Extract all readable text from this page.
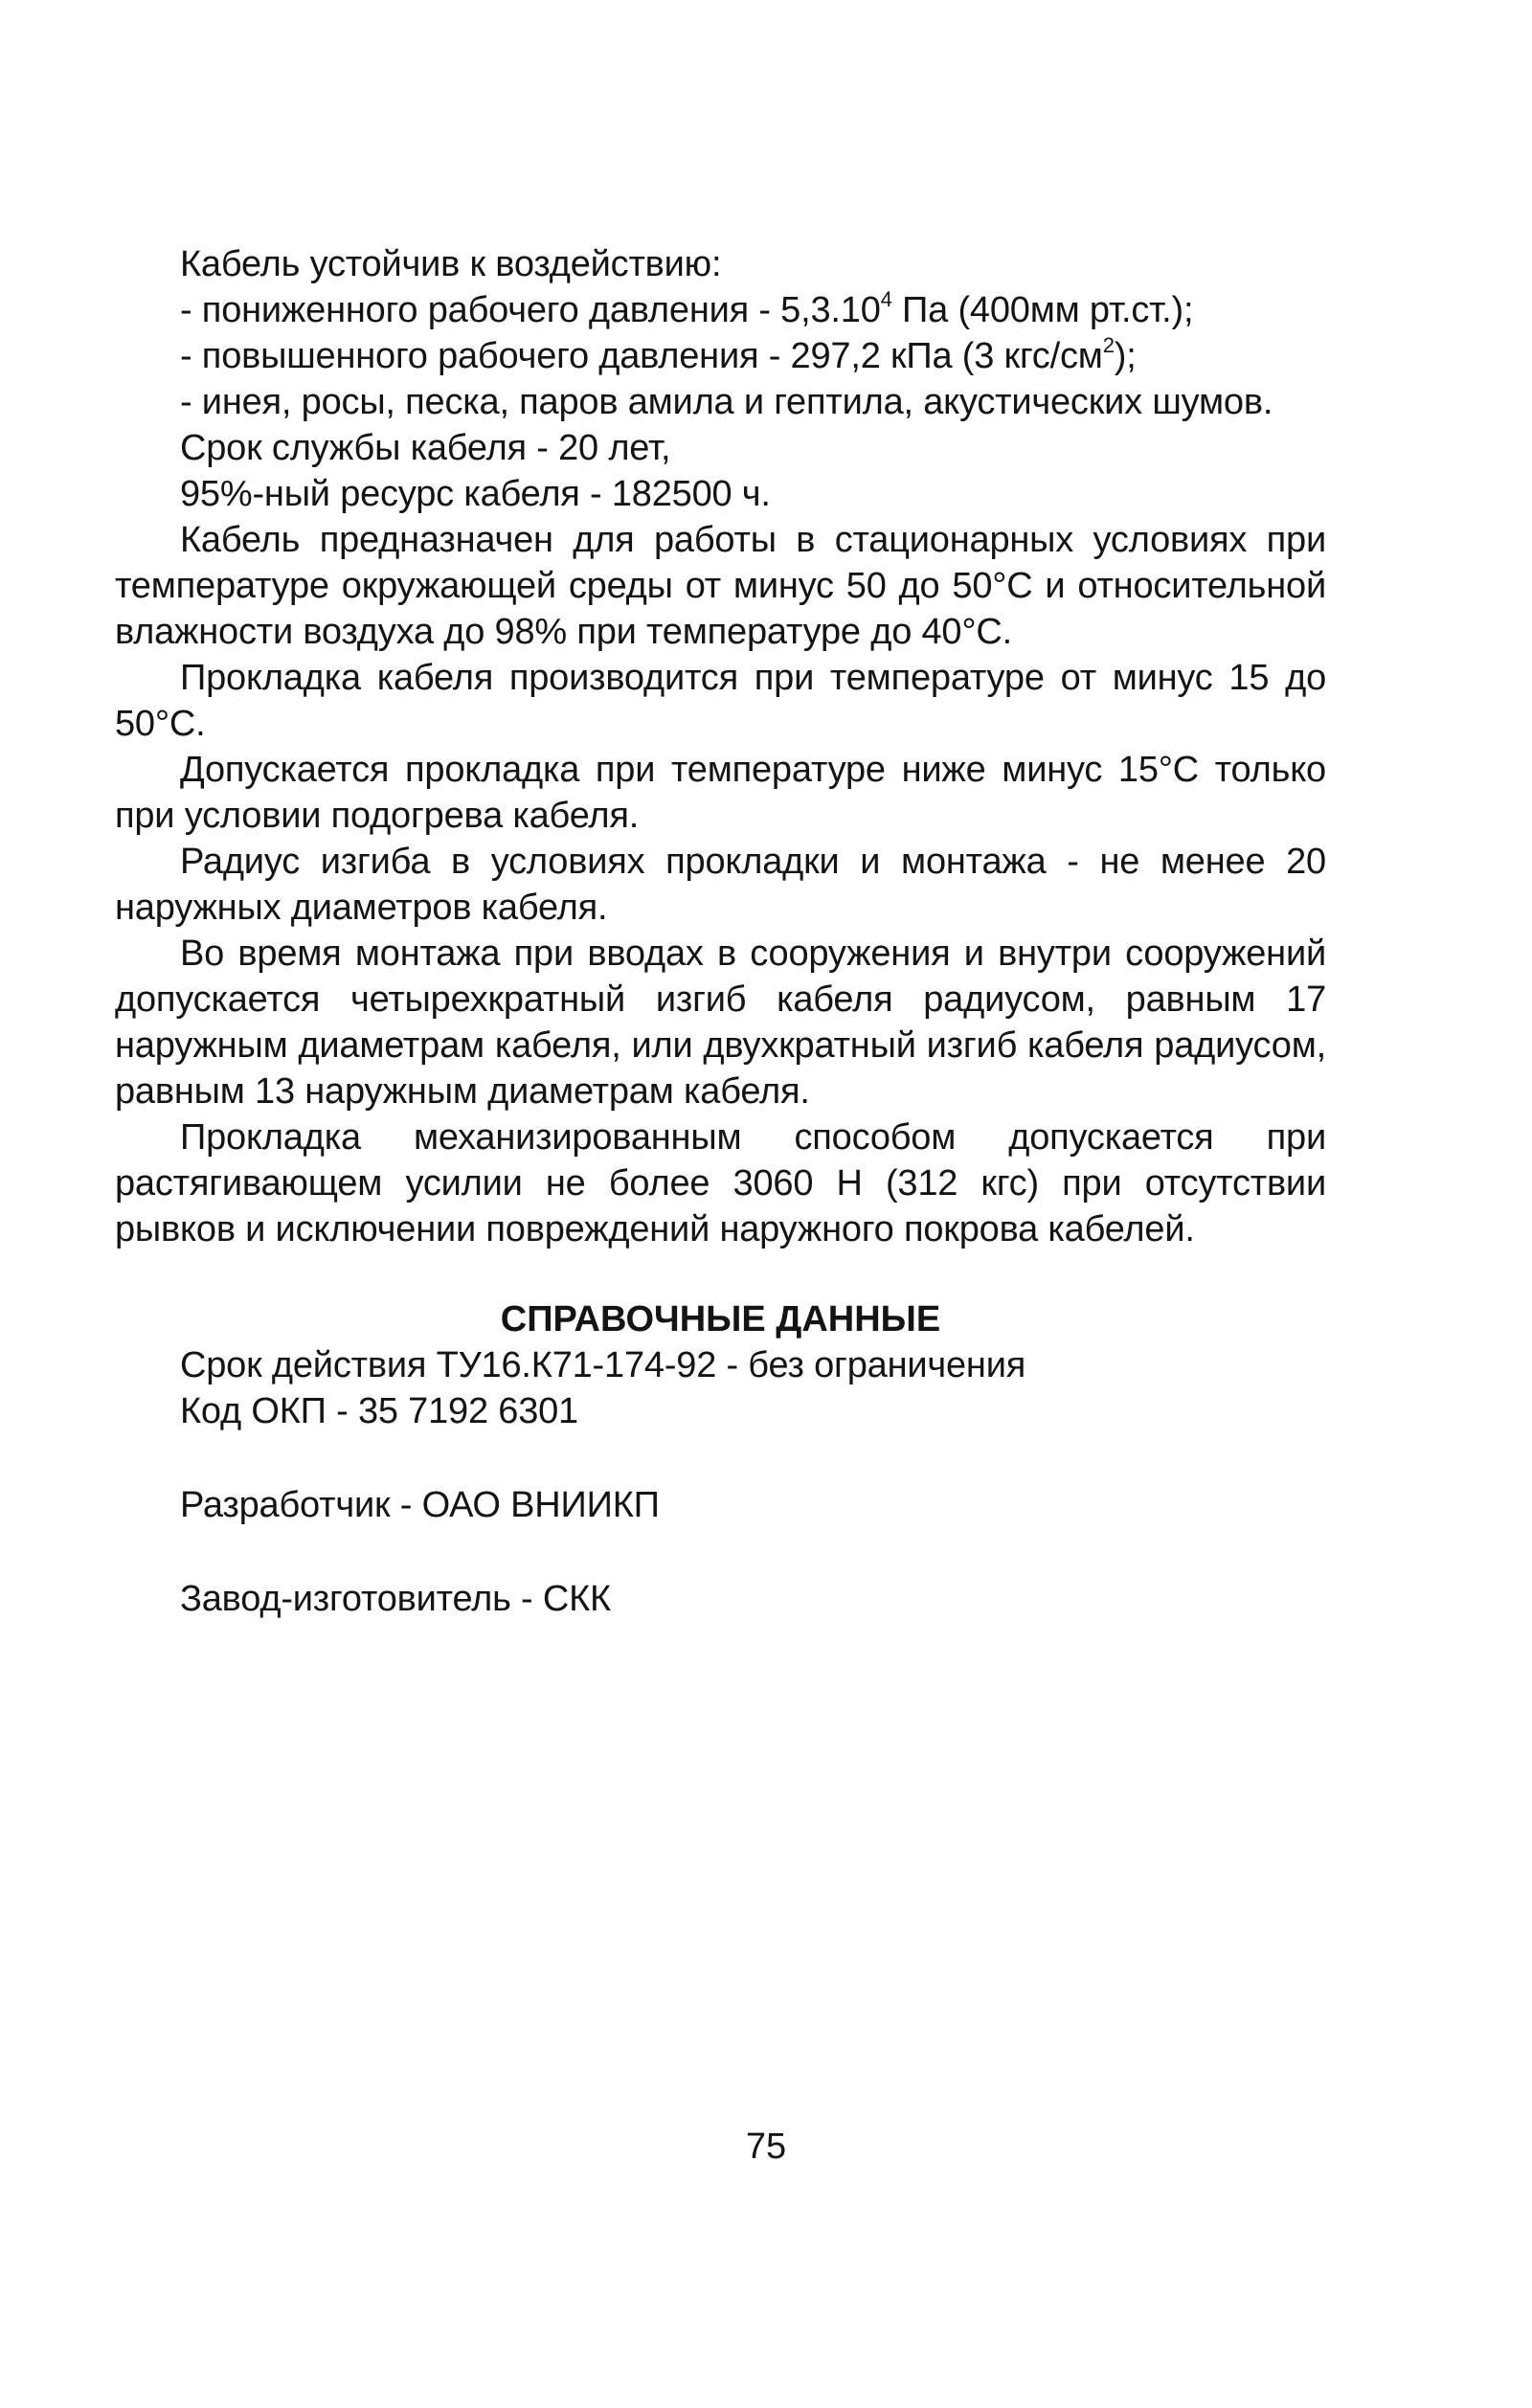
Кабель устойчив к воздействию:

- пониженного рабочего давления - 5,3.10$^4$ Па (400мм рт.ст.);

- повышенного рабочего давления - 297,2 кПа (3 кгс/$см^2$);

- инея, росы, песка, паров амила и гептила, акустических шумов.

Срок службы кабеля - 20 лет,

95%-ный ресурс кабеля - 182500 ч.

Кабель предназначен для работы в стационарных условиях при температуре окружающей среды от минус 50 до 50°С и относительной влажности воздуха до 98% при температуре до 40°С.

Прокладка кабеля производится при температуре от минус 15 до 50°С.

Допускается прокладка при температуре ниже минус 15°С только при условии подогрева кабеля.

Радиус изгиба в условиях прокладки и монтажа - не менее 20 наружных диаметров кабеля.

Во время монтажа при вводах в сооружения и внутри сооружений допускается четырехкратный изгиб кабеля радиусом, равным 17 наружным диаметрам кабеля, или двухкратный изгиб кабеля радиусом, равным 13 наружным диаметрам кабеля.

Прокладка механизированным способом допускается при растягивающем усилии не более 3060 Н (312 кгс) при отсутствии рывков и исключении повреждений наружного покрова кабелей.

СПРАВОЧНЫЕ ДАННЫЕ

Срок действия ТУ16.К71-174-92 - без ограничения

Код ОКП - 35 7192 6301

Разработчик - ОАО ВНИИКП

Завод-изготовитель - СКК

75
